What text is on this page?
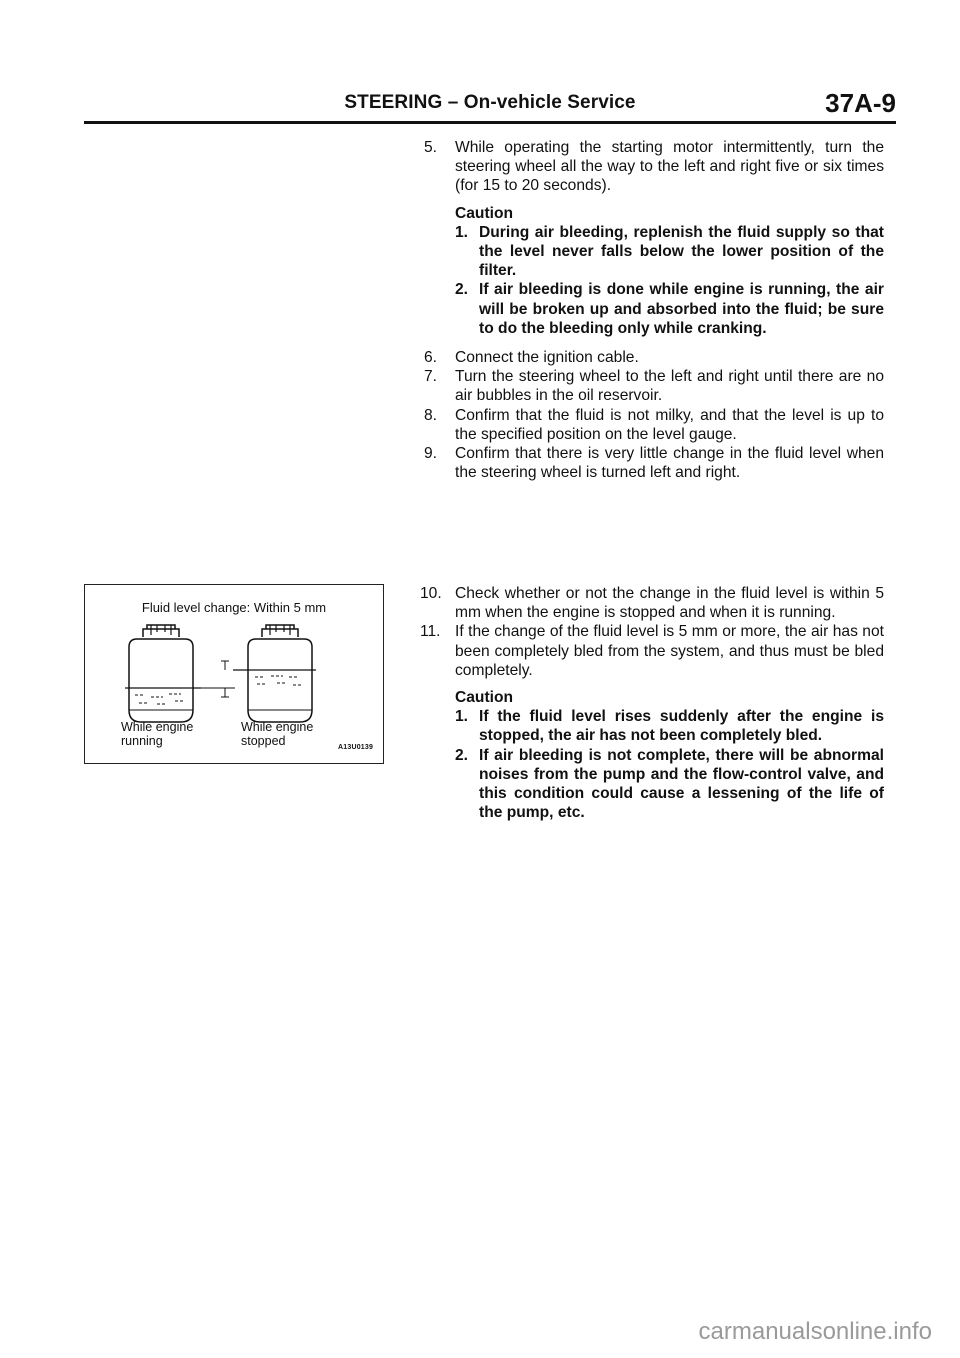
STEERING – On-vehicle Service	37A-9
5. While operating the starting motor intermittently, turn the steering wheel all the way to the left and right five or six times (for 15 to 20 seconds).
Caution
1. During air bleeding, replenish the fluid supply so that the level never falls below the lower position of the filter.
2. If air bleeding is done while engine is running, the air will be broken up and absorbed into the fluid; be sure to do the bleeding only while cranking.
6. Connect the ignition cable.
7. Turn the steering wheel to the left and right until there are no air bubbles in the oil reservoir.
8. Confirm that the fluid is not milky, and that the level is up to the specified position on the level gauge.
9. Confirm that there is very little change in the fluid level when the steering wheel is turned left and right.
Fluid level change: Within 5 mm
While engine running
While engine stopped	A13U0139
10. Check whether or not the change in the fluid level is within 5 mm when the engine is stopped and when it is running.
11. If the change of the fluid level is 5 mm or more, the air has not been completely bled from the system, and thus must be bled completely.
Caution
1. If the fluid level rises suddenly after the engine is stopped, the air has not been completely bled.
2. If air bleeding is not complete, there will be abnormal noises from the pump and the flow-control valve, and this condition could cause a lessening of the life of the pump, etc.
carmanualsonline.info
